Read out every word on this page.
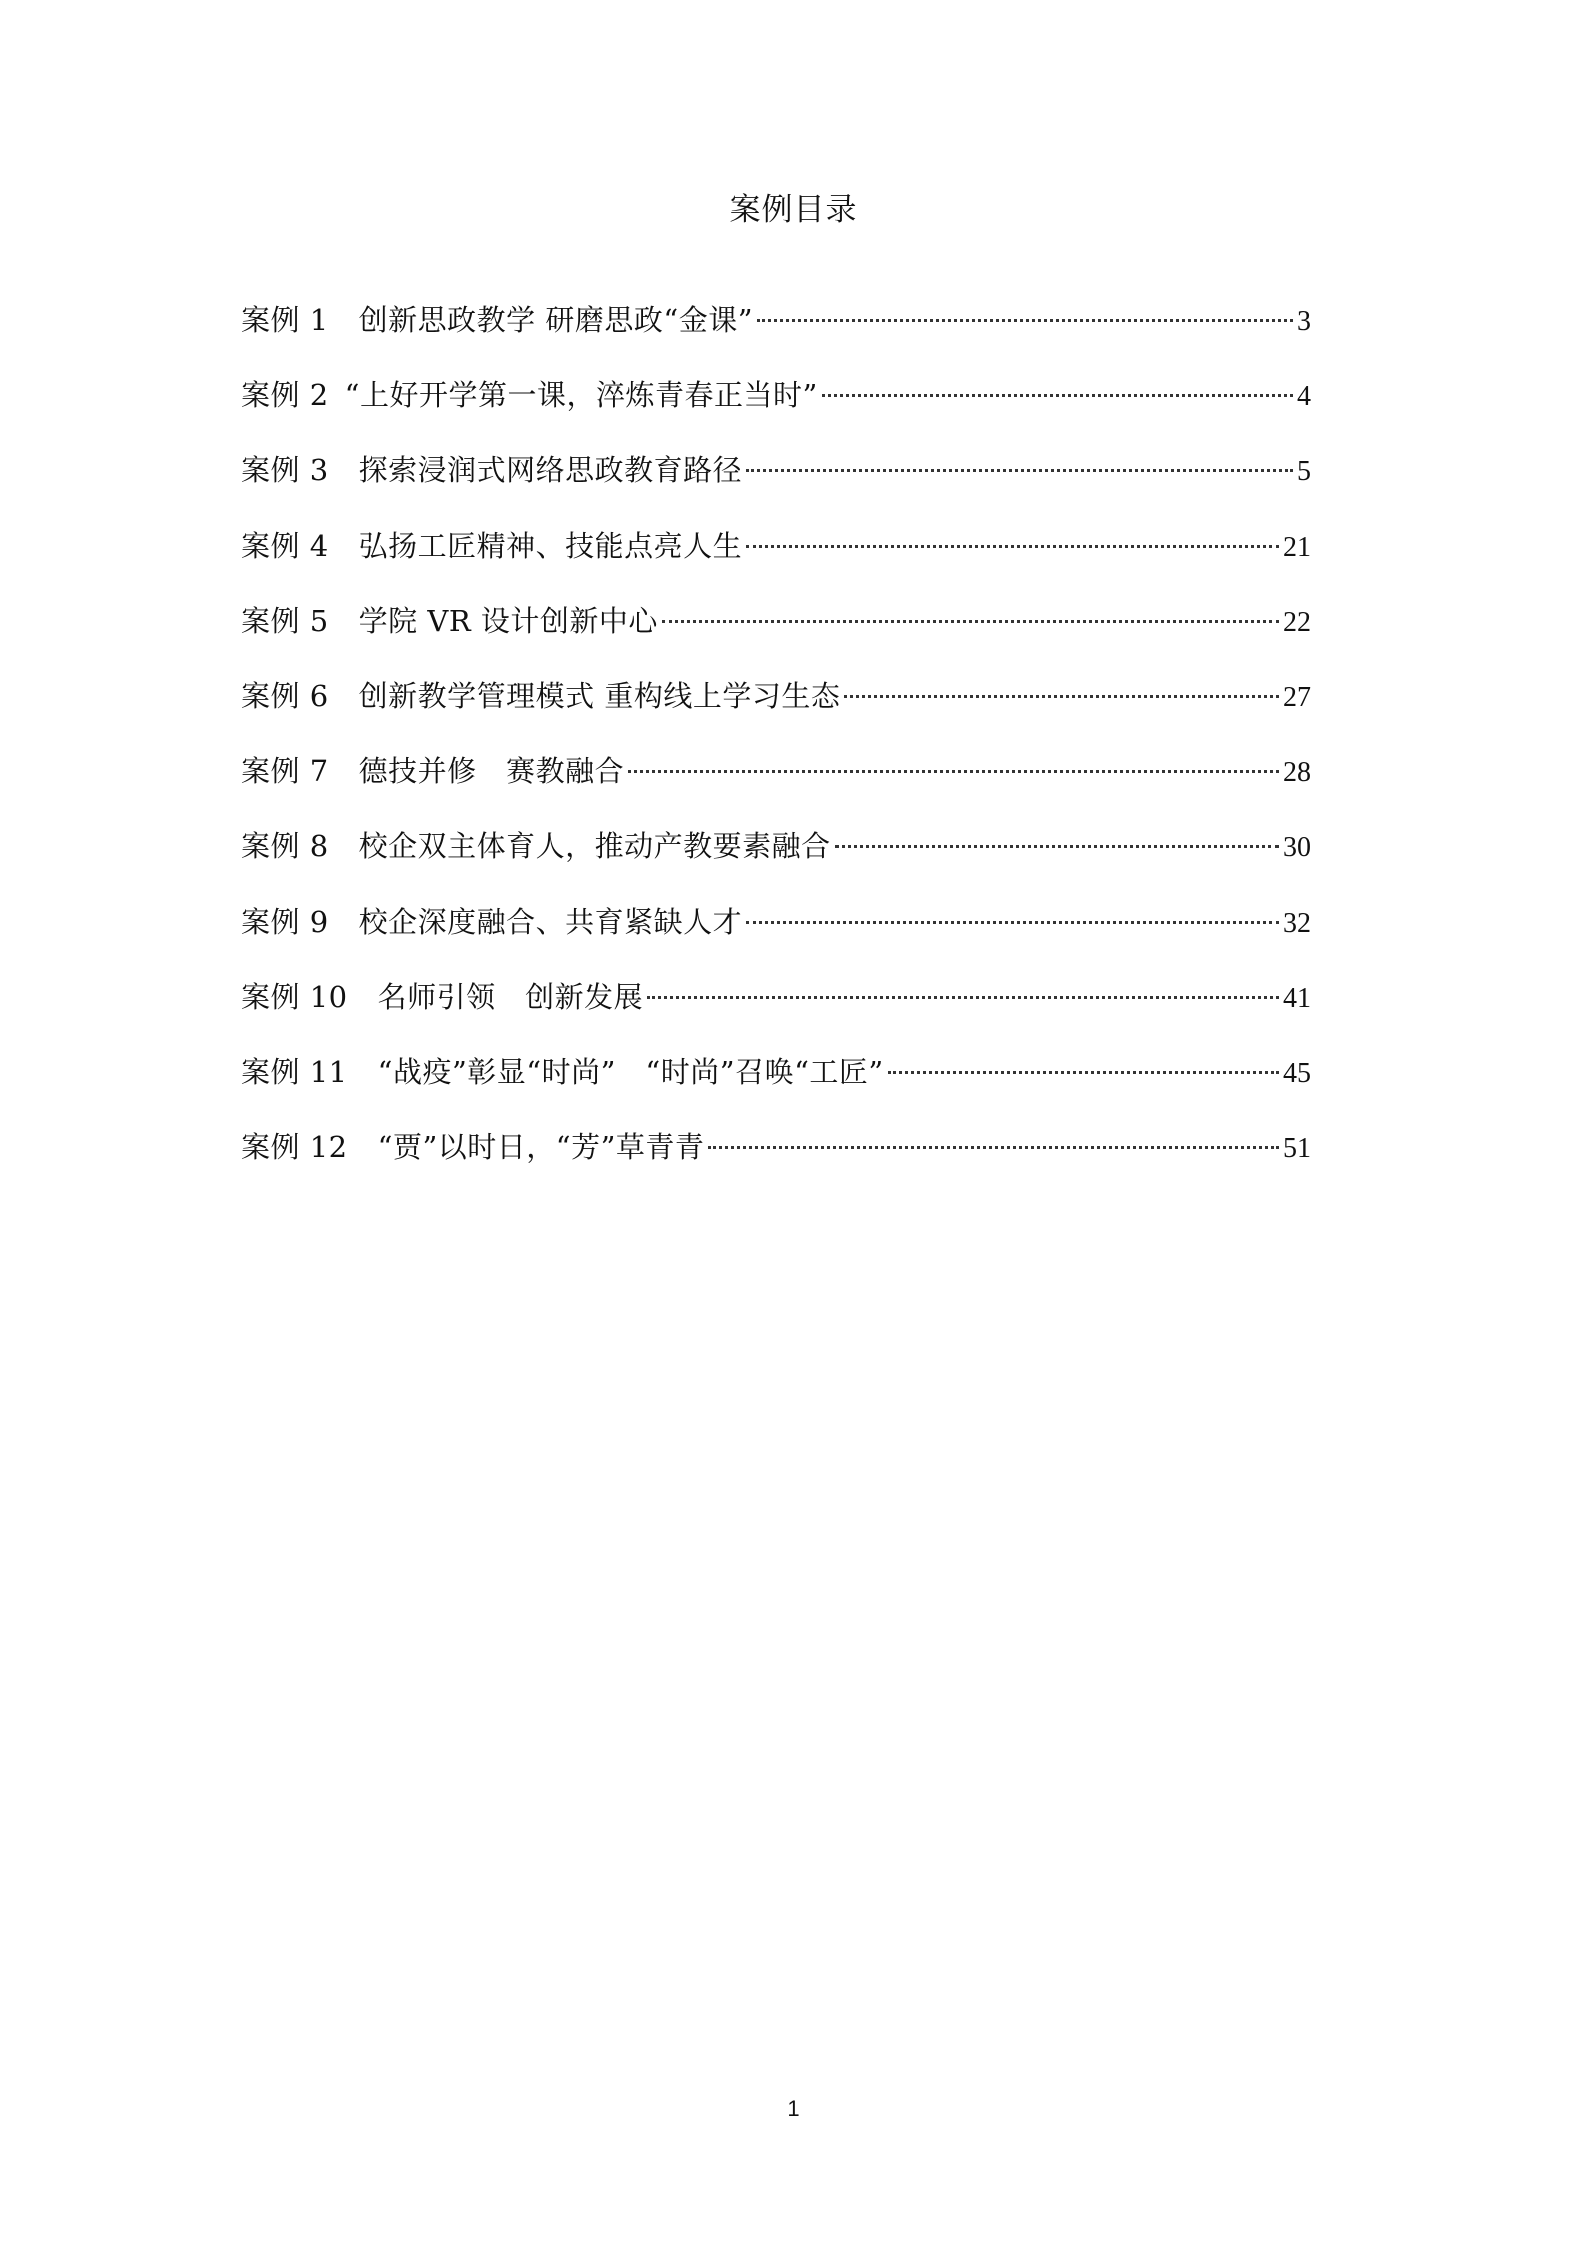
案例目录
案例 1 创新思政教学 研磨思政“金课”	3
案例 2 “上好开学第一课，淬炼青春正当时”	4
案例 3 探索浸润式网络思政教育路径	5
案例 4 弘扬工匠精神、技能点亮人生	21
案例 5 学院 VR 设计创新中心	22
案例 6 创新教学管理模式 重构线上学习生态	27
案例 7 德技并修　赛教融合	28
案例 8 校企双主体育人，推动产教要素融合	30
案例 9 校企深度融合、共育紧缺人才	32
案例 10 名师引领　创新发展	41
案例 11 “战疫”彰显“时尚”　“时尚”召唤“工匠”	45
案例 12 “贾”以时日，“芳”草青青	51
1
